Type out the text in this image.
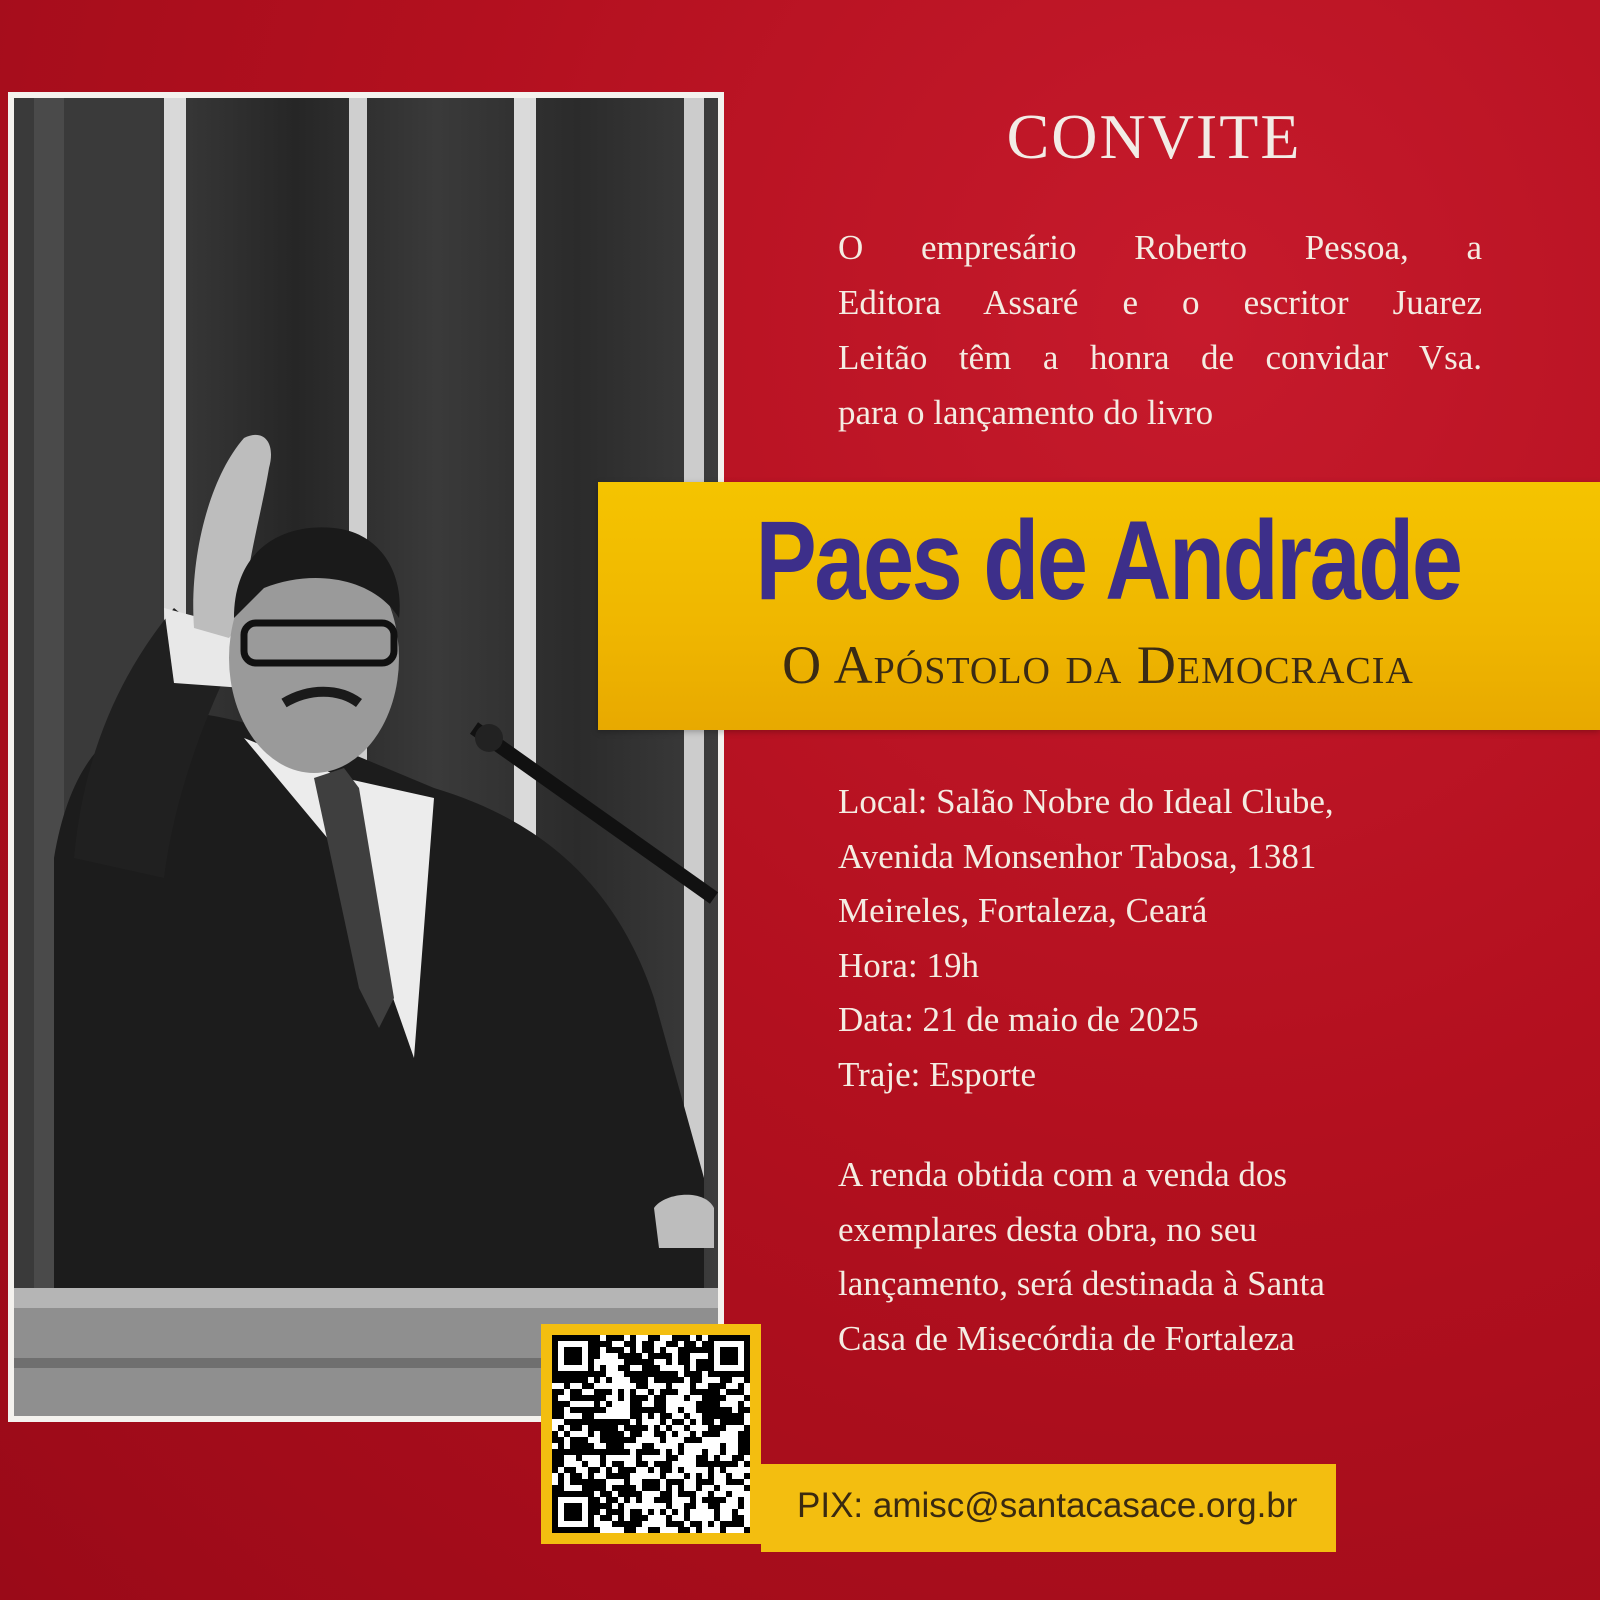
CONVITE
O empresário Roberto Pessoa, a
Editora Assaré e o escritor Juarez
Leitão têm a honra de convidar Vsa.
para o lançamento do livro
Paes de Andrade
O Apóstolo da Democracia
Local: Salão Nobre do Ideal Clube,
Avenida Monsenhor Tabosa, 1381
Meireles, Fortaleza, Ceará
Hora: 19h
Data: 21 de maio de 2025
Traje: Esporte
A renda obtida com a venda dos
exemplares desta obra, no seu
lançamento, será destinada à Santa
Casa de Misecórdia de Fortaleza
PIX: amisc@santacasace.org.br
